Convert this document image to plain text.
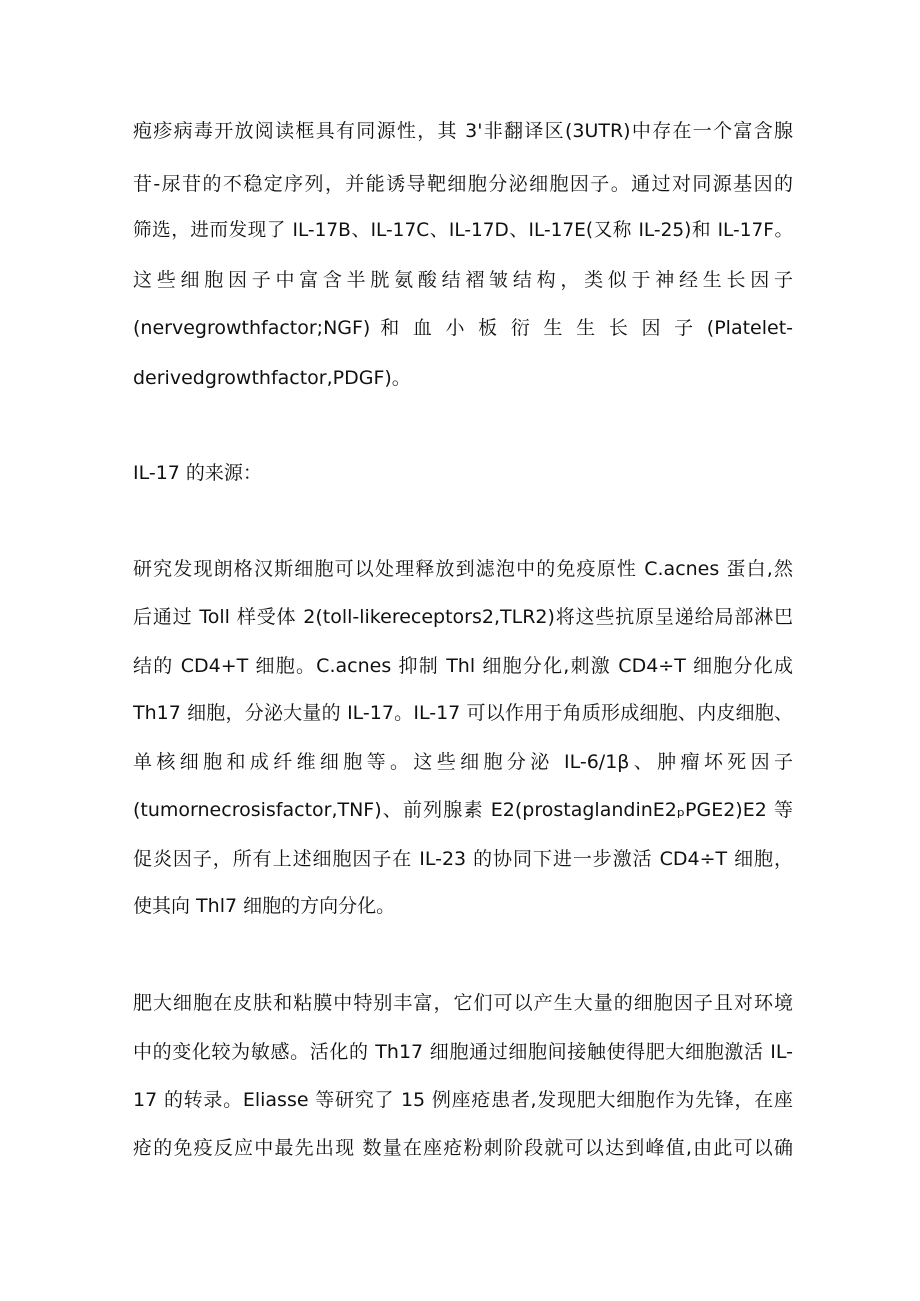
疱疹病毒开放阅读框具有同源性，其 3'非翻译区(3UTR)中存在一个富含腺
苷-尿苷的不稳定序列，并能诱导靶细胞分泌细胞因子。通过对同源基因的
筛选，进而发现了 IL-17B、IL-17C、IL-17D、IL-17E(又称 IL-25)和 IL-17F。
这些细胞因子中富含半胱氨酸结褶皱结构，类似于神经生长因子
(nervegrowthfactor;NGF) 和 血 小 板 衍 生 生 长 因 子 (Platelet-
derivedgrowthfactor,PDGF)。
IL-17 的来源：
研究发现朗格汉斯细胞可以处理释放到滤泡中的免疫原性 C.acnes 蛋白,然
后通过 Toll 样受体 2(toll-likereceptors2,TLR2)将这些抗原呈递给局部淋巴
结的 CD4+T 细胞。C.acnes 抑制 Thl 细胞分化,刺激 CD4÷T 细胞分化成
Th17 细胞，分泌大量的 IL-17。IL-17 可以作用于角质形成细胞、内皮细胞、
单核细胞和成纤维细胞等。这些细胞分泌 IL-6/1β、肿瘤坏死因子
(tumornecrosisfactor,TNF)、前列腺素 E2(prostaglandinE2ₚPGE2)E2 等
促炎因子，所有上述细胞因子在 IL-23 的协同下进一步激活 CD4÷T 细胞，
使其向 Thl7 细胞的方向分化。
肥大细胞在皮肤和粘膜中特别丰富，它们可以产生大量的细胞因子且对环境
中的变化较为敏感。活化的 Th17 细胞通过细胞间接触使得肥大细胞激活 IL-
17 的转录。Eliasse 等研究了 15 例座疮患者,发现肥大细胞作为先锋，在座
疮的免疫反应中最先出现 数量在座疮粉刺阶段就可以达到峰值,由此可以确
